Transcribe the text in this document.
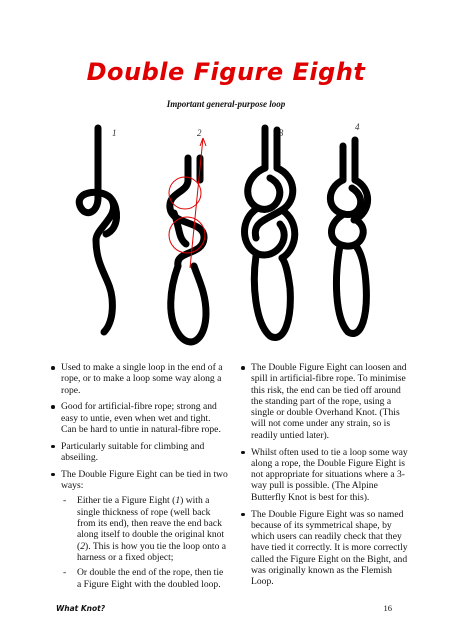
Double Figure Eight
Important general-purpose loop
1	2	3
4
Used to make a single loop in the end of a rope, or to make a loop some way along a rope.
Good for artificial-fibre rope; strong and easy to untie, even when wet and tight. Can be hard to untie in natural-fibre rope.
Particularly suitable for climbing and abseiling.
The Double Figure Eight can be tied in two ways:
- Either tie a Figure Eight (1) with a single thickness of rope (well back from its end), then reave the end back along itself to double the original knot (2). This is how you tie the loop onto a harness or a fixed object;
- Or double the end of the rope, then tie a Figure Eight with the doubled loop.
The Double Figure Eight can loosen and spill in artificial-fibre rope. To minimise this risk, the end can be tied off around the standing part of the rope, using a single or double Overhand Knot. (This will not come under any strain, so is readily untied later).
Whilst often used to tie a loop some way along a rope, the Double Figure Eight is not appropriate for situations where a 3-way pull is possible. (The Alpine Butterfly Knot is best for this).
The Double Figure Eight was so named because of its symmetrical shape, by which users can readily check that they have tied it correctly. It is more correctly called the Figure Eight on the Bight, and was originally known as the Flemish Loop.
What Knot?	16
